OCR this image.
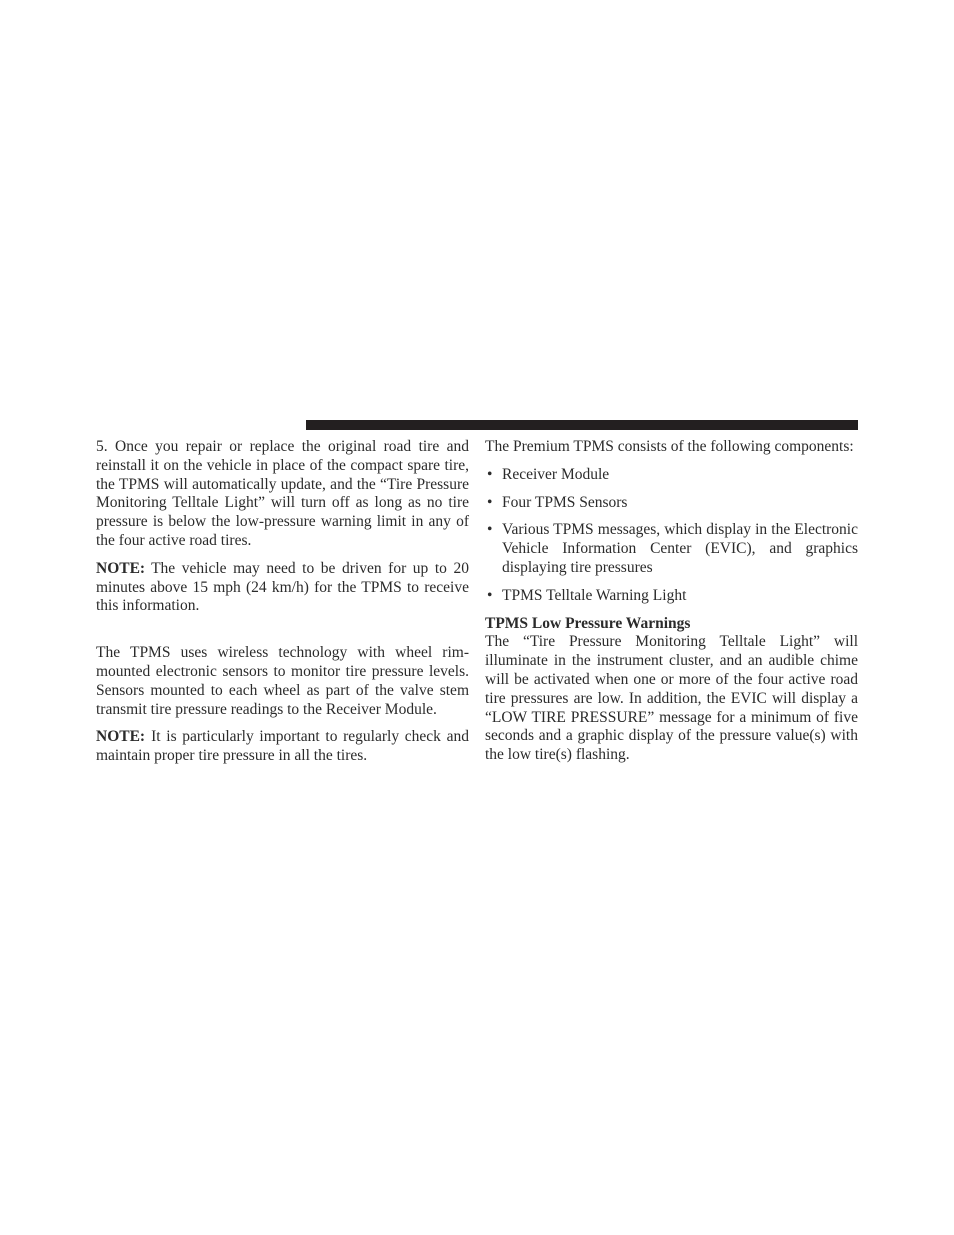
5. Once you repair or replace the original road tire and reinstall it on the vehicle in place of the compact spare tire, the TPMS will automatically update, and the “Tire Pressure Monitoring Telltale Light” will turn off as long as no tire pressure is below the low-pressure warning limit in any of the four active road tires.

NOTE: The vehicle may need to be driven for up to 20 minutes above 15 mph (24 km/h) for the TPMS to receive this information.

The TPMS uses wireless technology with wheel rim-mounted electronic sensors to monitor tire pressure levels. Sensors mounted to each wheel as part of the valve stem transmit tire pressure readings to the Receiver Module.

NOTE: It is particularly important to regularly check and maintain proper tire pressure in all the tires.

The Premium TPMS consists of the following components:

• Receiver Module
• Four TPMS Sensors
• Various TPMS messages, which display in the Electronic Vehicle Information Center (EVIC), and graphics displaying tire pressures
• TPMS Telltale Warning Light

TPMS Low Pressure Warnings

The “Tire Pressure Monitoring Telltale Light” will illuminate in the instrument cluster, and an audible chime will be activated when one or more of the four active road tire pressures are low. In addition, the EVIC will display a “LOW TIRE PRESSURE” message for a minimum of five seconds and a graphic display of the pressure value(s) with the low tire(s) flashing.
